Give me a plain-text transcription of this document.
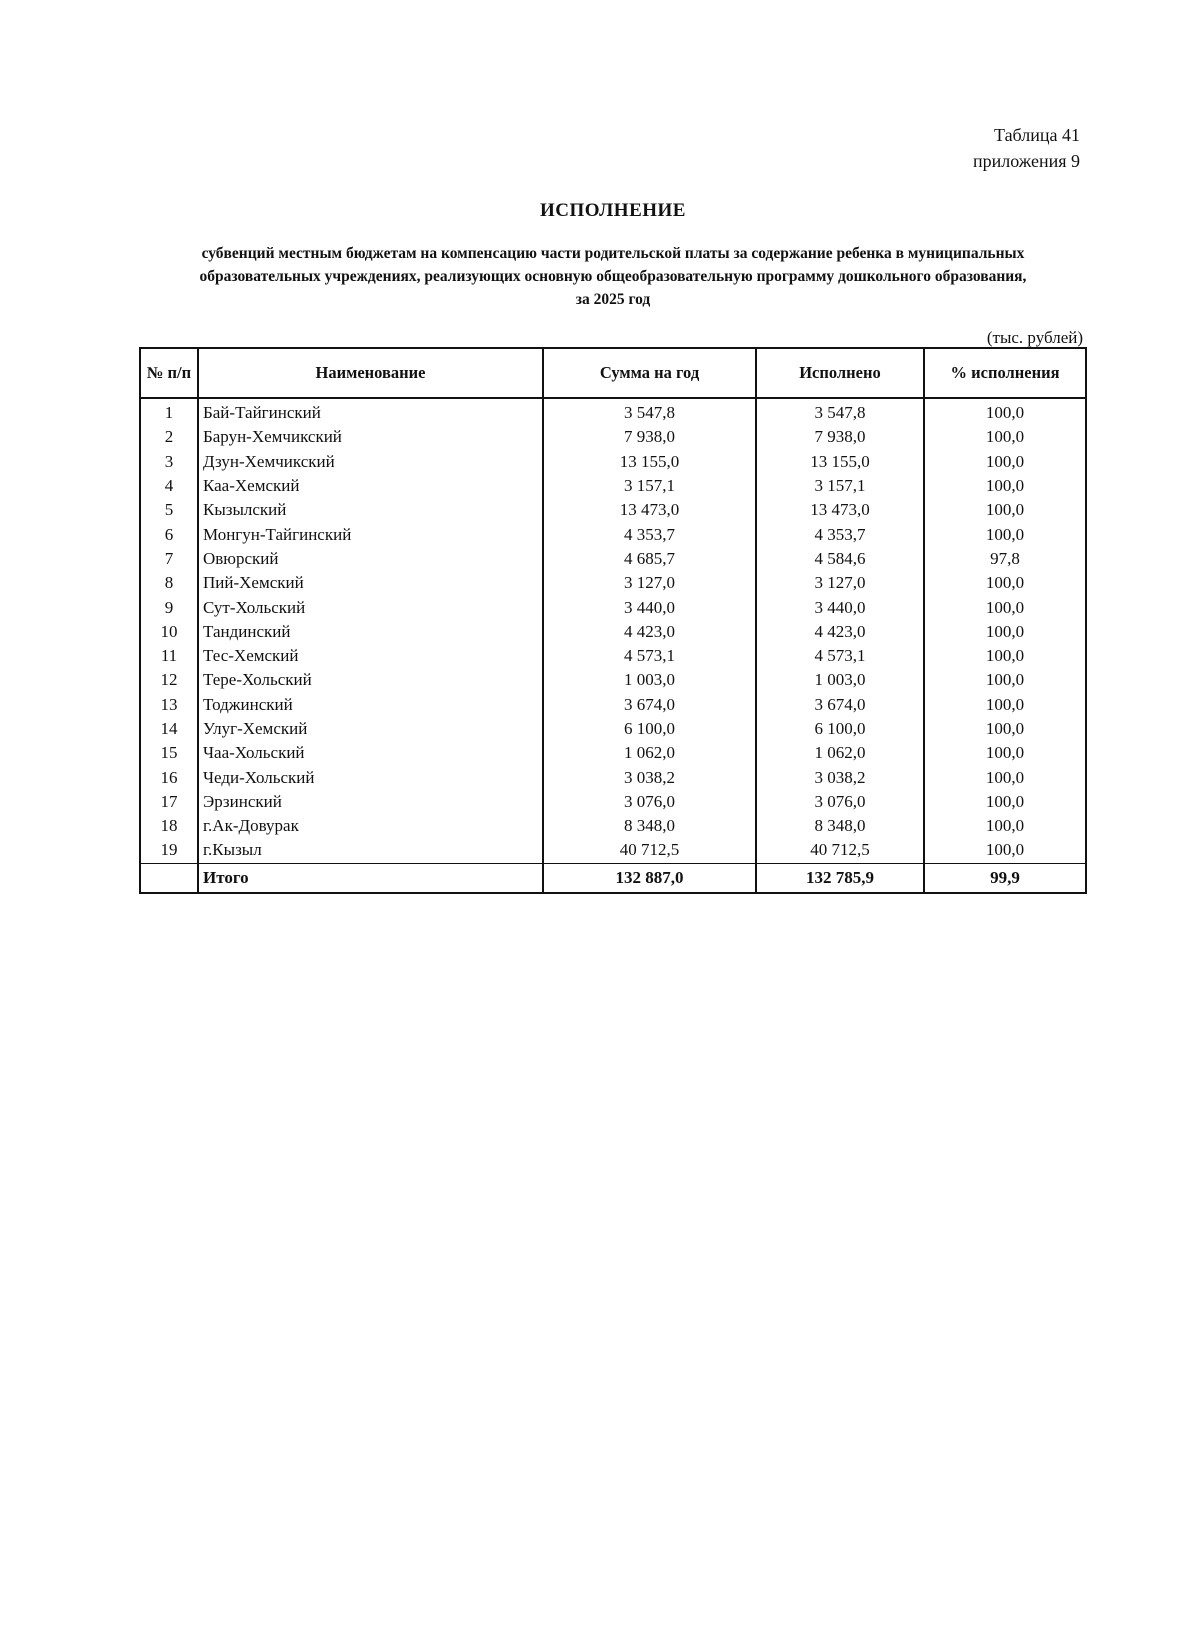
Таблица 41
приложения 9
ИСПОЛНЕНИЕ
субвенций местным бюджетам на компенсацию части родительской платы за содержание ребенка в муниципальных
образовательных учреждениях, реализующих основную общеобразовательную программу дошкольного образования,
за 2025 год
(тыс. рублей)
№ п/п	Наименование	Сумма на год	Исполнено	% исполнения
1	Бай-Тайгинский	3 547,8	3 547,8	100,0
2	Барун-Хемчикский	7 938,0	7 938,0	100,0
3	Дзун-Хемчикский	13 155,0	13 155,0	100,0
4	Каа-Хемский	3 157,1	3 157,1	100,0
5	Кызылский	13 473,0	13 473,0	100,0
6	Монгун-Тайгинский	4 353,7	4 353,7	100,0
7	Овюрский	4 685,7	4 584,6	97,8
8	Пий-Хемский	3 127,0	3 127,0	100,0
9	Сут-Хольский	3 440,0	3 440,0	100,0
10	Тандинский	4 423,0	4 423,0	100,0
11	Тес-Хемский	4 573,1	4 573,1	100,0
12	Тере-Хольский	1 003,0	1 003,0	100,0
13	Тоджинский	3 674,0	3 674,0	100,0
14	Улуг-Хемский	6 100,0	6 100,0	100,0
15	Чаа-Хольский	1 062,0	1 062,0	100,0
16	Чеди-Хольский	3 038,2	3 038,2	100,0
17	Эрзинский	3 076,0	3 076,0	100,0
18	г.Ак-Довурак	8 348,0	8 348,0	100,0
19	г.Кызыл	40 712,5	40 712,5	100,0
	Итого	132 887,0	132 785,9	99,9
